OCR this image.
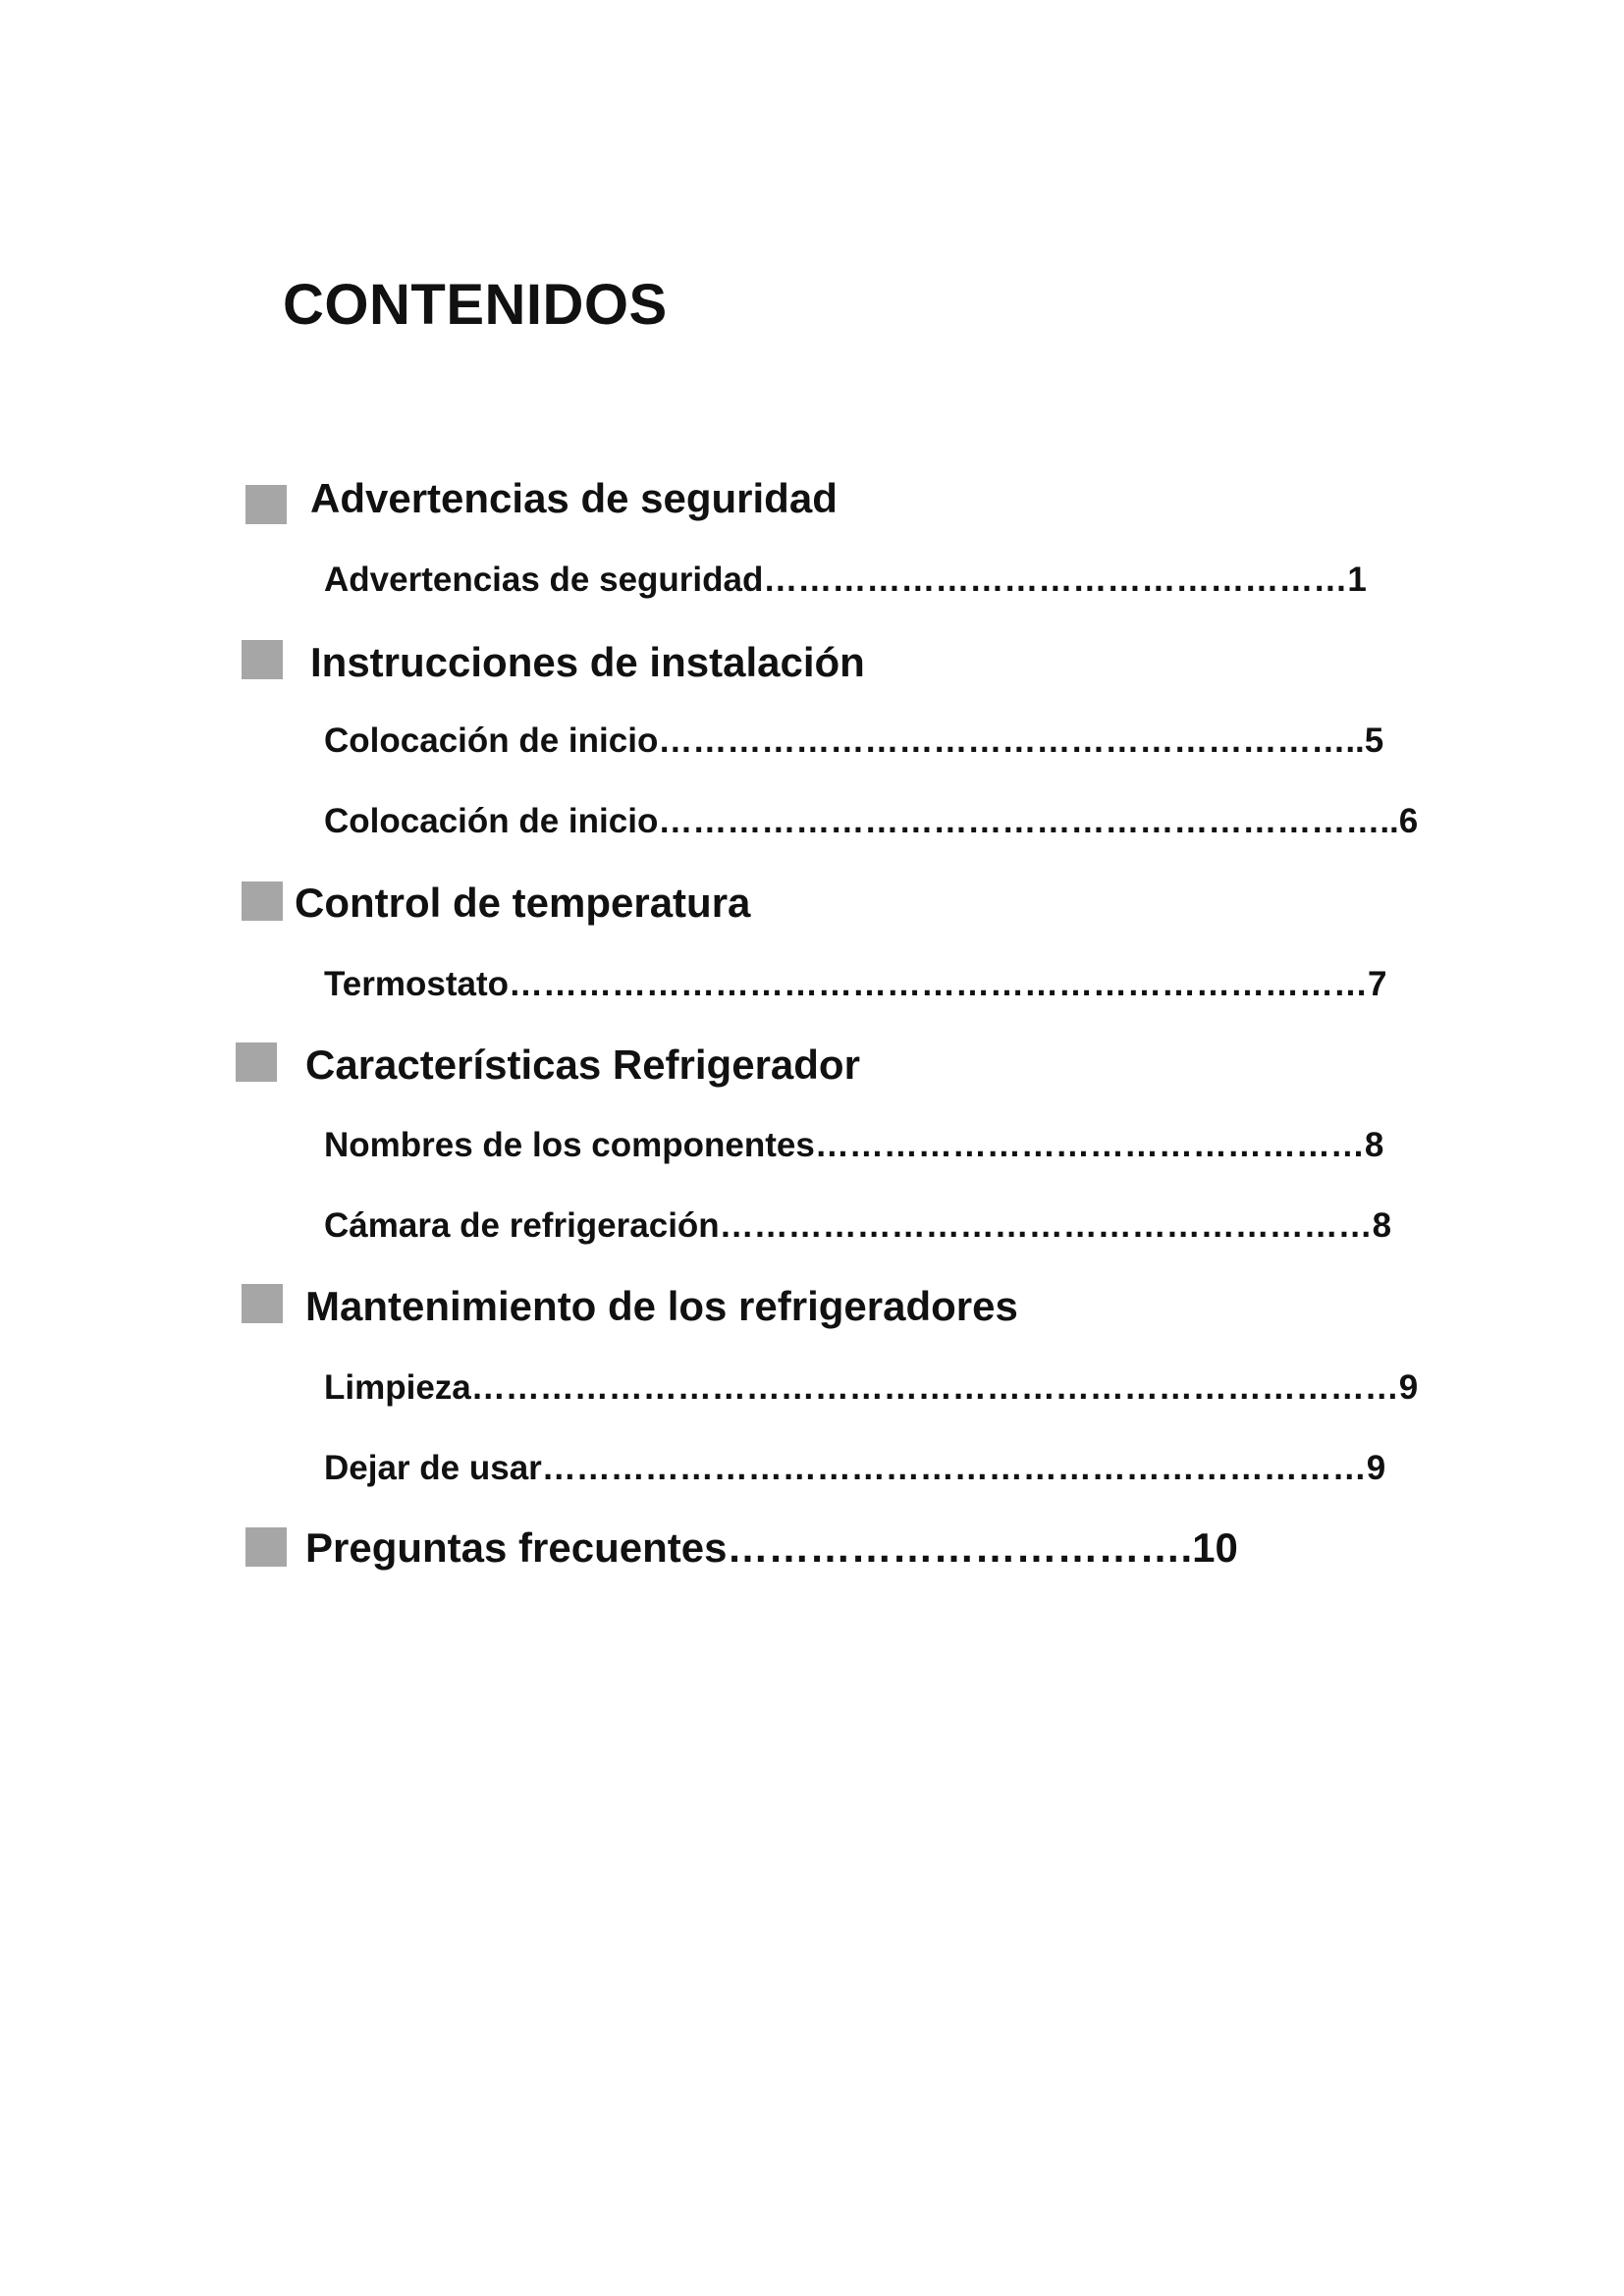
CONTENIDOS
Advertencias de seguridad
Advertencias de seguridad……………………………………………1
Instrucciones de instalación
Colocación de inicio……………………………………………………..5
Colocación de inicio………………………………………………………..6
Control de temperatura
Termostato…………………………………………………………………7
Características Refrigerador
Nombres de los componentes…………………………………………8
Cámara de refrigeración…………………………………………………8
Mantenimiento de los refrigeradores
Limpieza………………………………………………………………………9
Dejar de usar………………………………………………………………9
Preguntas frecuentes…………………………….10
